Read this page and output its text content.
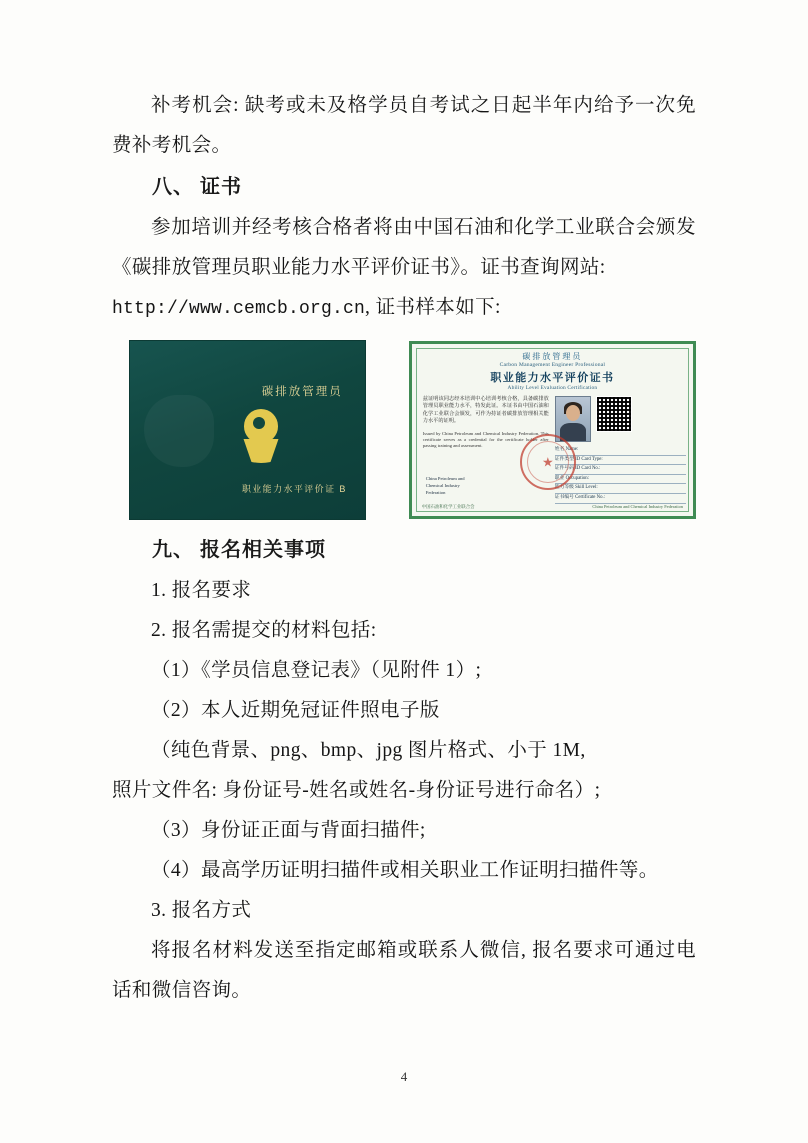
补考机会: 缺考或未及格学员自考试之日起半年内给予一次免费补考机会。

八、 证书

参加培训并经考核合格者将由中国石油和化学工业联合会颁发《碳排放管理员职业能力水平评价证书》。证书查询网站:

http://www.cemcb.org.cn, 证书样本如下:

碳排放管理员
职业能力水平评价证 B
碳排放管理员
Carbon Management Engineer Professional
职业能力水平评价证书
Ability Level Evaluation Certification
兹证明该同志经本培训中心培训考核合格，具备碳排放管理员职业能力水平，特发此证。本证书由中国石油和化学工业联合会颁发，可作为持证者碳排放管理相关能力水平的证明。
Issued by China Petroleum and Chemical Industry Federation. This certificate serves as a credential for the certificate holder after passing training and assessment.
姓名 Name:
证件类型 ID Card Type:
证件号码 ID Card No.:
职业 Occupation:
能力等级 Skill Level:
证书编号 Certificate No.:
China Petroleum and
Chemical Industry
Federation
★
中国石油和化学工业联合会	China Petroleum and Chemical Industry Federation
九、 报名相关事项

1. 报名要求

2. 报名需提交的材料包括:

（1）《学员信息登记表》（见附件 1）;

（2）本人近期免冠证件照电子版

（纯色背景、png、bmp、jpg 图片格式、小于 1M,

照片文件名: 身份证号-姓名或姓名-身份证号进行命名）;

（3）身份证正面与背面扫描件;

（4）最高学历证明扫描件或相关职业工作证明扫描件等。

3. 报名方式

将报名材料发送至指定邮箱或联系人微信, 报名要求可通过电话和微信咨询。

4
